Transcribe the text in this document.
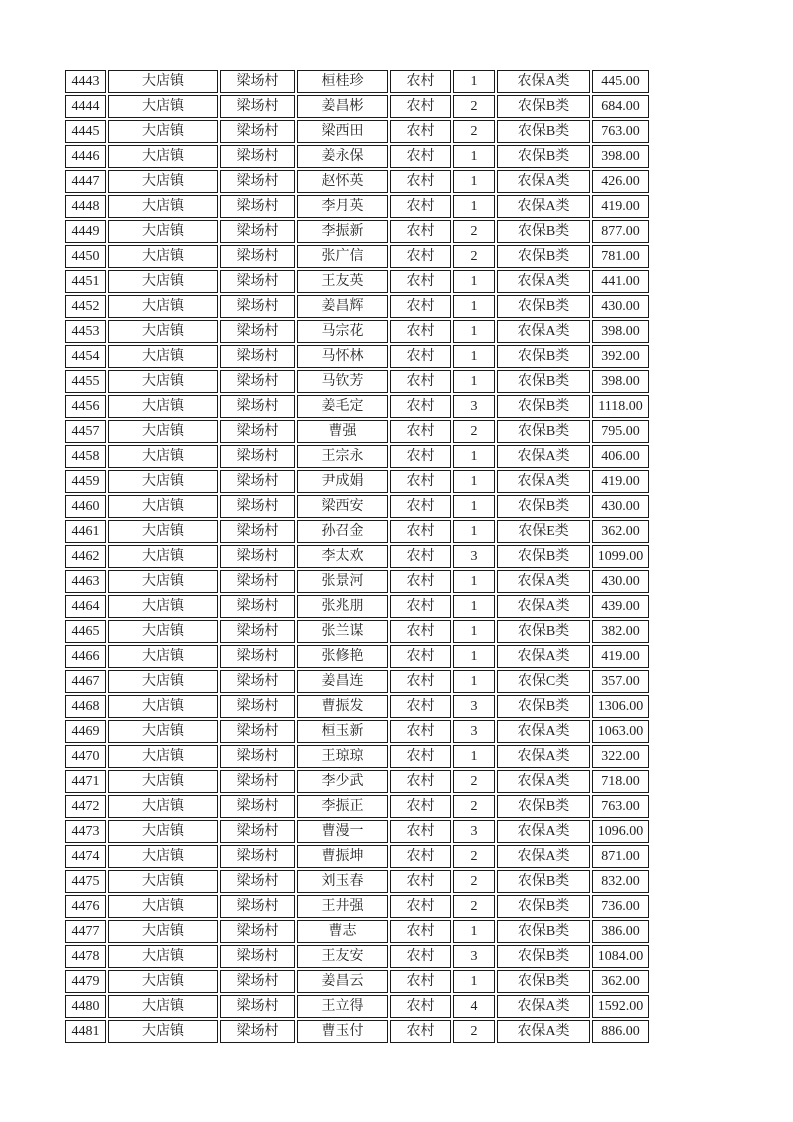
4443	大店镇	梁场村	桓桂珍	农村	1	农保A类	445.00
4444	大店镇	梁场村	姜昌彬	农村	2	农保B类	684.00
4445	大店镇	梁场村	梁西田	农村	2	农保B类	763.00
4446	大店镇	梁场村	姜永保	农村	1	农保B类	398.00
4447	大店镇	梁场村	赵怀英	农村	1	农保A类	426.00
4448	大店镇	梁场村	李月英	农村	1	农保A类	419.00
4449	大店镇	梁场村	李振新	农村	2	农保B类	877.00
4450	大店镇	梁场村	张广信	农村	2	农保B类	781.00
4451	大店镇	梁场村	王友英	农村	1	农保A类	441.00
4452	大店镇	梁场村	姜昌辉	农村	1	农保B类	430.00
4453	大店镇	梁场村	马宗花	农村	1	农保A类	398.00
4454	大店镇	梁场村	马怀林	农村	1	农保B类	392.00
4455	大店镇	梁场村	马钦芳	农村	1	农保B类	398.00
4456	大店镇	梁场村	姜毛定	农村	3	农保B类	1118.00
4457	大店镇	梁场村	曹强	农村	2	农保B类	795.00
4458	大店镇	梁场村	王宗永	农村	1	农保A类	406.00
4459	大店镇	梁场村	尹成娟	农村	1	农保A类	419.00
4460	大店镇	梁场村	梁西安	农村	1	农保B类	430.00
4461	大店镇	梁场村	孙召金	农村	1	农保E类	362.00
4462	大店镇	梁场村	李太欢	农村	3	农保B类	1099.00
4463	大店镇	梁场村	张景河	农村	1	农保A类	430.00
4464	大店镇	梁场村	张兆朋	农村	1	农保A类	439.00
4465	大店镇	梁场村	张兰谋	农村	1	农保B类	382.00
4466	大店镇	梁场村	张修艳	农村	1	农保A类	419.00
4467	大店镇	梁场村	姜昌连	农村	1	农保C类	357.00
4468	大店镇	梁场村	曹振发	农村	3	农保B类	1306.00
4469	大店镇	梁场村	桓玉新	农村	3	农保A类	1063.00
4470	大店镇	梁场村	王琼琼	农村	1	农保A类	322.00
4471	大店镇	梁场村	李少武	农村	2	农保A类	718.00
4472	大店镇	梁场村	李振正	农村	2	农保B类	763.00
4473	大店镇	梁场村	曹漫一	农村	3	农保A类	1096.00
4474	大店镇	梁场村	曹振坤	农村	2	农保A类	871.00
4475	大店镇	梁场村	刘玉春	农村	2	农保B类	832.00
4476	大店镇	梁场村	王井强	农村	2	农保B类	736.00
4477	大店镇	梁场村	曹志	农村	1	农保B类	386.00
4478	大店镇	梁场村	王友安	农村	3	农保B类	1084.00
4479	大店镇	梁场村	姜昌云	农村	1	农保B类	362.00
4480	大店镇	梁场村	王立得	农村	4	农保A类	1592.00
4481	大店镇	梁场村	曹玉付	农村	2	农保A类	886.00
